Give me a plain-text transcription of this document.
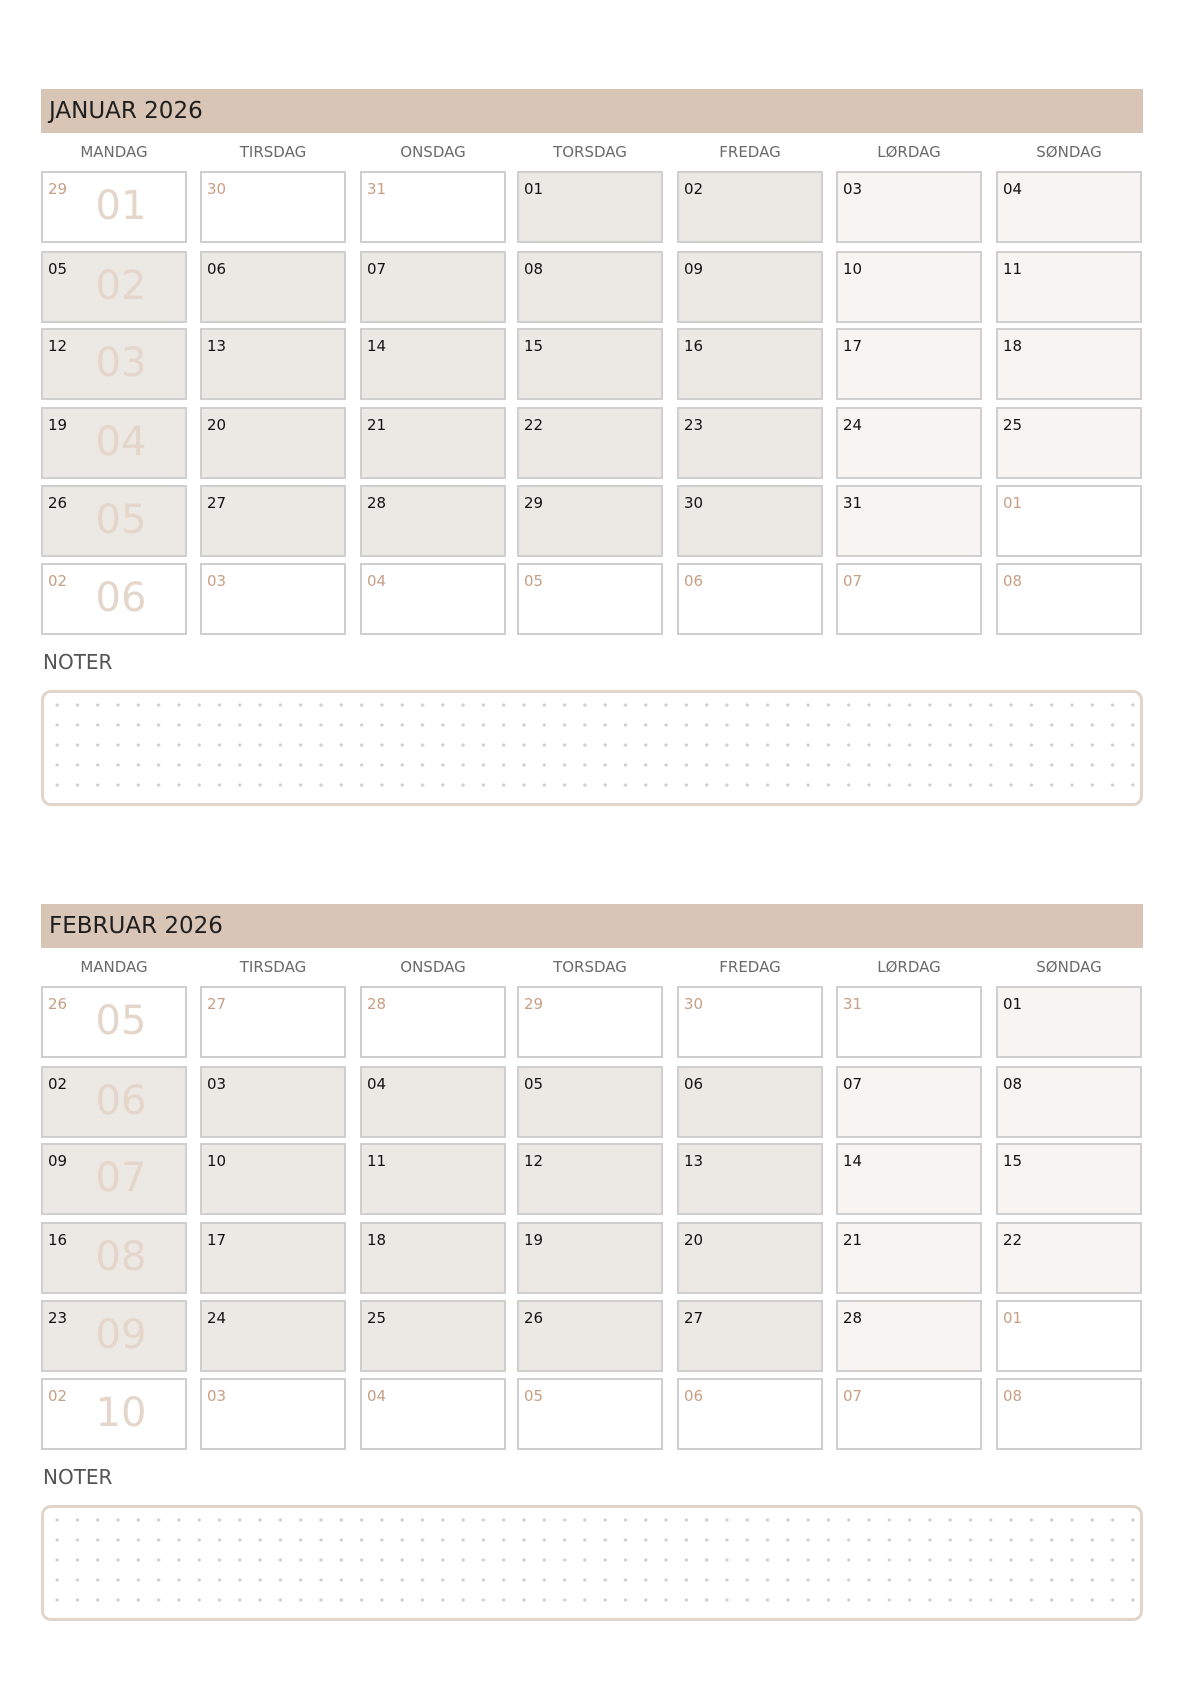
JANUAR 2026
MANDAG	TIRSDAG	ONSDAG	TORSDAG	FREDAG	LØRDAG	SØNDAG
29 01	30	31	01	02	03	04
05 02	06	07	08	09	10	11
12 03	13	14	15	16	17	18
19 04	20	21	22	23	24	25
26 05	27	28	29	30	31	01
02 06	03	04	05	06	07	08
NOTER
FEBRUAR 2026
MANDAG	TIRSDAG	ONSDAG	TORSDAG	FREDAG	LØRDAG	SØNDAG
26 05	27	28	29	30	31	01
02 06	03	04	05	06	07	08
09 07	10	11	12	13	14	15
16 08	17	18	19	20	21	22
23 09	24	25	26	27	28	01
02 10	03	04	05	06	07	08
NOTER
